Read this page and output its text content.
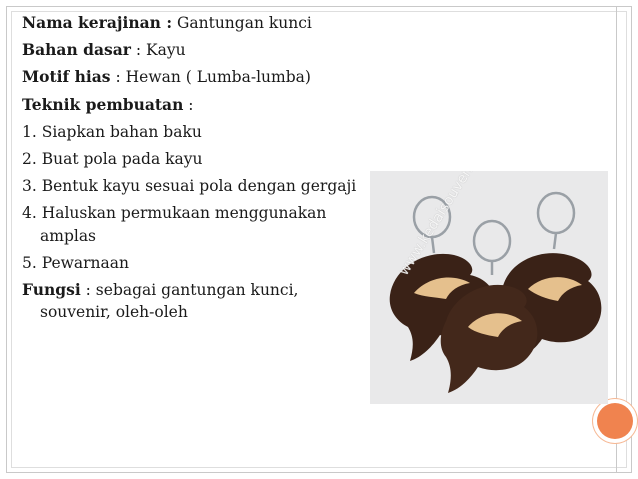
Nama kerajinan : Gantungan kunci
Bahan dasar : Kayu
Motif hias : Hewan ( Lumba-lumba)
Teknik pembuatan :
1. Siapkan bahan baku
2. Buat pola pada kayu
3. Bentuk kayu sesuai pola dengan gergaji
4. Haluskan permukaan menggunakan amplas
5. Pewarnaan
Fungsi : sebagai gantungan kunci, souvenir, oleh-oleh
